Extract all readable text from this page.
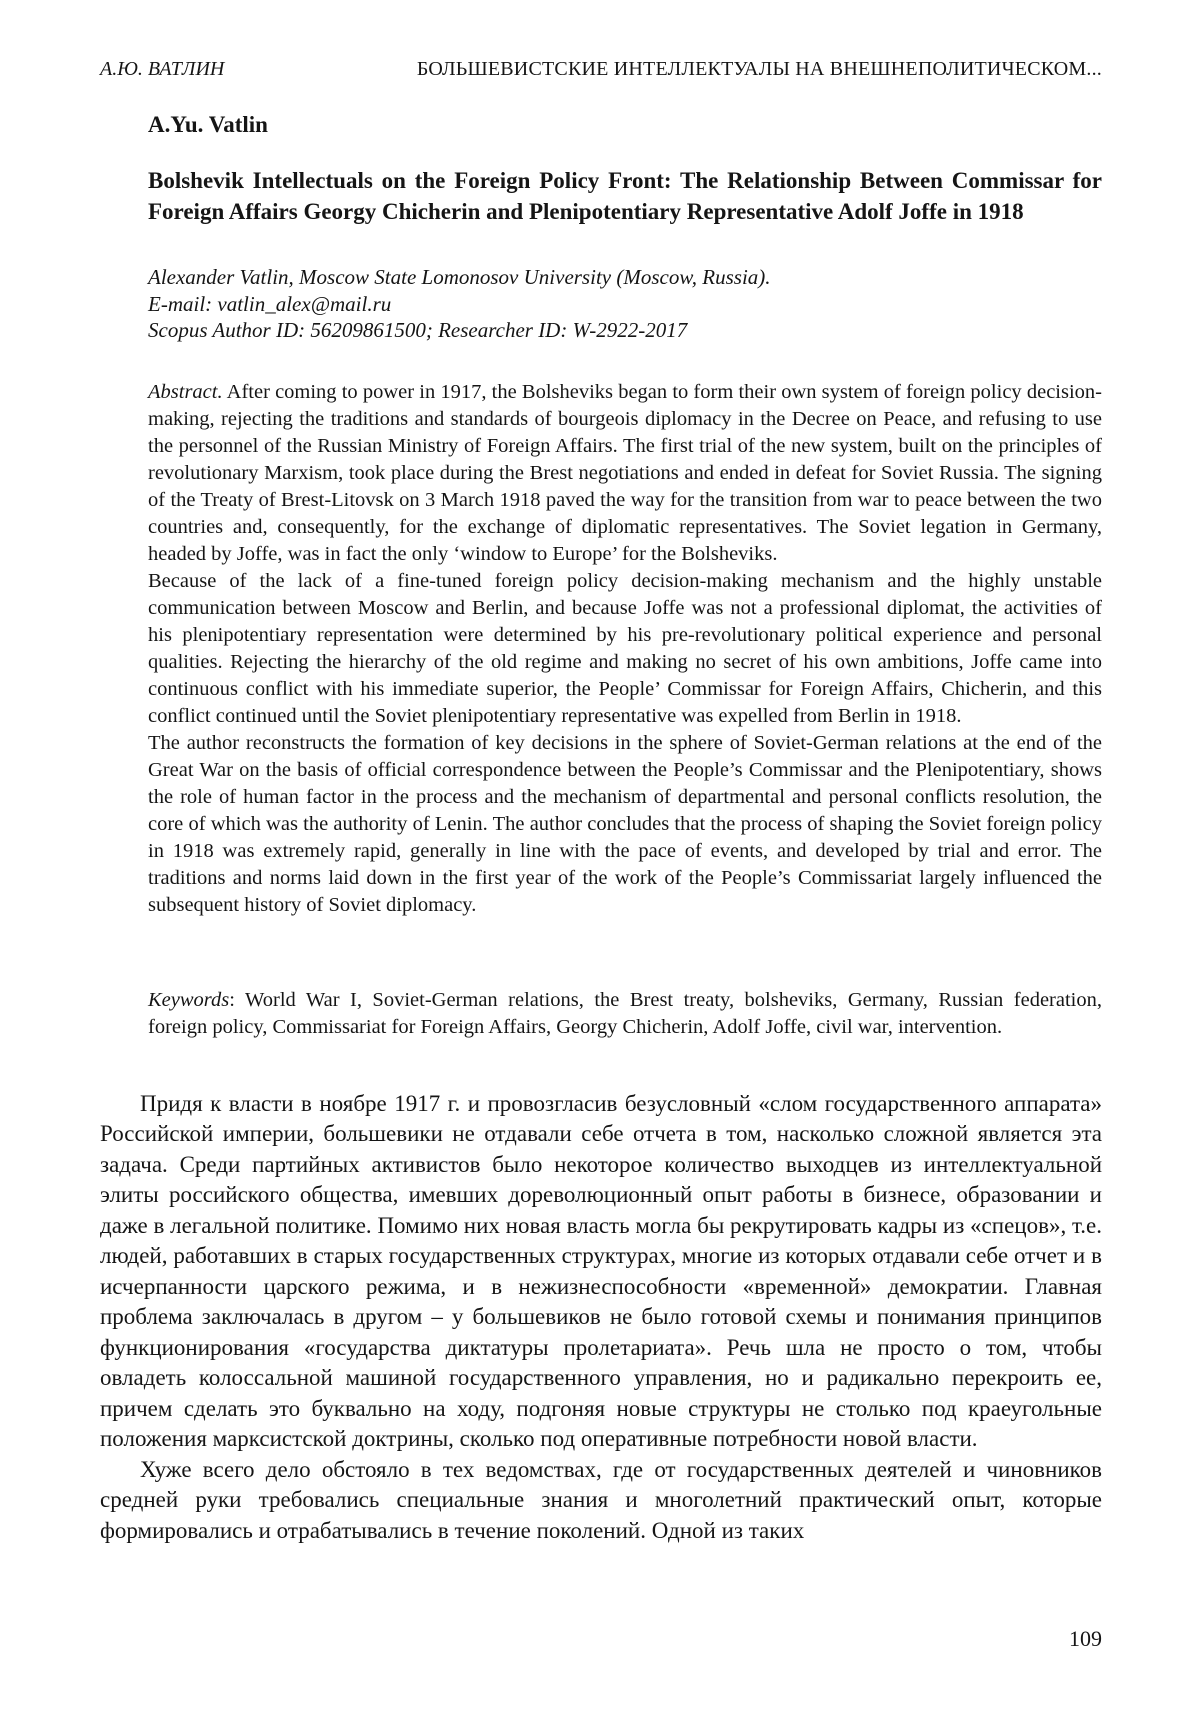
А.Ю. ВАТЛИН	БОЛЬШЕВИСТСКИЕ ИНТЕЛЛЕКТУАЛЫ НА ВНЕШНЕПОЛИТИЧЕСКОМ...
A.Yu. Vatlin
Bolshevik Intellectuals on the Foreign Policy Front: The Relationship Between Commissar for Foreign Affairs Georgy Chicherin and Plenipotentiary Representative Adolf Joffe in 1918
Alexander Vatlin, Moscow State Lomonosov University (Moscow, Russia).
E-mail: vatlin_alex@mail.ru
Scopus Author ID: 56209861500; Researcher ID: W-2922-2017

Abstract. After coming to power in 1917, the Bolsheviks began to form their own system of foreign policy decision-making, rejecting the traditions and standards of bourgeois diplomacy in the Decree on Peace, and refusing to use the personnel of the Russian Ministry of Foreign Affairs. The first trial of the new system, built on the principles of revolutionary Marxism, took place during the Brest negotiations and ended in defeat for Soviet Russia. The signing of the Treaty of Brest-Litovsk on 3 March 1918 paved the way for the transition from war to peace between the two countries and, consequently, for the exchange of diplomatic representatives. The Soviet legation in Germany, headed by Joffe, was in fact the only ‘window to Europe’ for the Bolsheviks.

Because of the lack of a fine-tuned foreign policy decision-making mechanism and the highly unstable communication between Moscow and Berlin, and because Joffe was not a professional diplomat, the activities of his plenipotentiary representation were determined by his pre-revolutionary political experience and personal qualities. Rejecting the hierarchy of the old regime and making no secret of his own ambitions, Joffe came into continuous conflict with his immediate superior, the People’ Commissar for Foreign Affairs, Chicherin, and this conflict continued until the Soviet plenipotentiary representative was expelled from Berlin in 1918.

The author reconstructs the formation of key decisions in the sphere of Soviet-German relations at the end of the Great War on the basis of official correspondence between the People’s Commissar and the Plenipotentiary, shows the role of human factor in the process and the mechanism of departmental and personal conflicts resolution, the core of which was the authority of Lenin. The author concludes that the process of shaping the Soviet foreign policy in 1918 was extremely rapid, generally in line with the pace of events, and developed by trial and error. The traditions and norms laid down in the first year of the work of the People’s Commissariat largely influenced the subsequent history of Soviet diplomacy.

Keywords: World War I, Soviet-German relations, the Brest treaty, bolsheviks, Germany, Russian federation, foreign policy, Commissariat for Foreign Affairs, Georgy Chicherin, Adolf Joffe, civil war, intervention.

Придя к власти в ноябре 1917 г. и провозгласив безусловный «слом государственного аппарата» Российской империи, большевики не отдавали себе отчета в том, насколько сложной является эта задача. Среди партийных активистов было некоторое количество выходцев из интеллектуальной элиты российского общества, имевших дореволюционный опыт работы в бизнесе, образовании и даже в легальной политике. Помимо них новая власть могла бы рекрутировать кадры из «спецов», т.е. людей, работавших в старых государственных структурах, многие из которых отдавали себе отчет и в исчерпанности царского режима, и в нежизнеспособности «временной» демократии. Главная проблема заключалась в другом – у большевиков не было готовой схемы и понимания принципов функционирования «государства диктатуры пролетариата». Речь шла не просто о том, чтобы овладеть колоссальной машиной государственного управления, но и радикально перекроить ее, причем сделать это буквально на ходу, подгоняя новые структуры не столько под краеугольные положения марксистской доктрины, сколько под оперативные потребности новой власти.

Хуже всего дело обстояло в тех ведомствах, где от государственных деятелей и чиновников средней руки требовались специальные знания и многолетний практический опыт, которые формировались и отрабатывались в течение поколений. Одной из таких

109
